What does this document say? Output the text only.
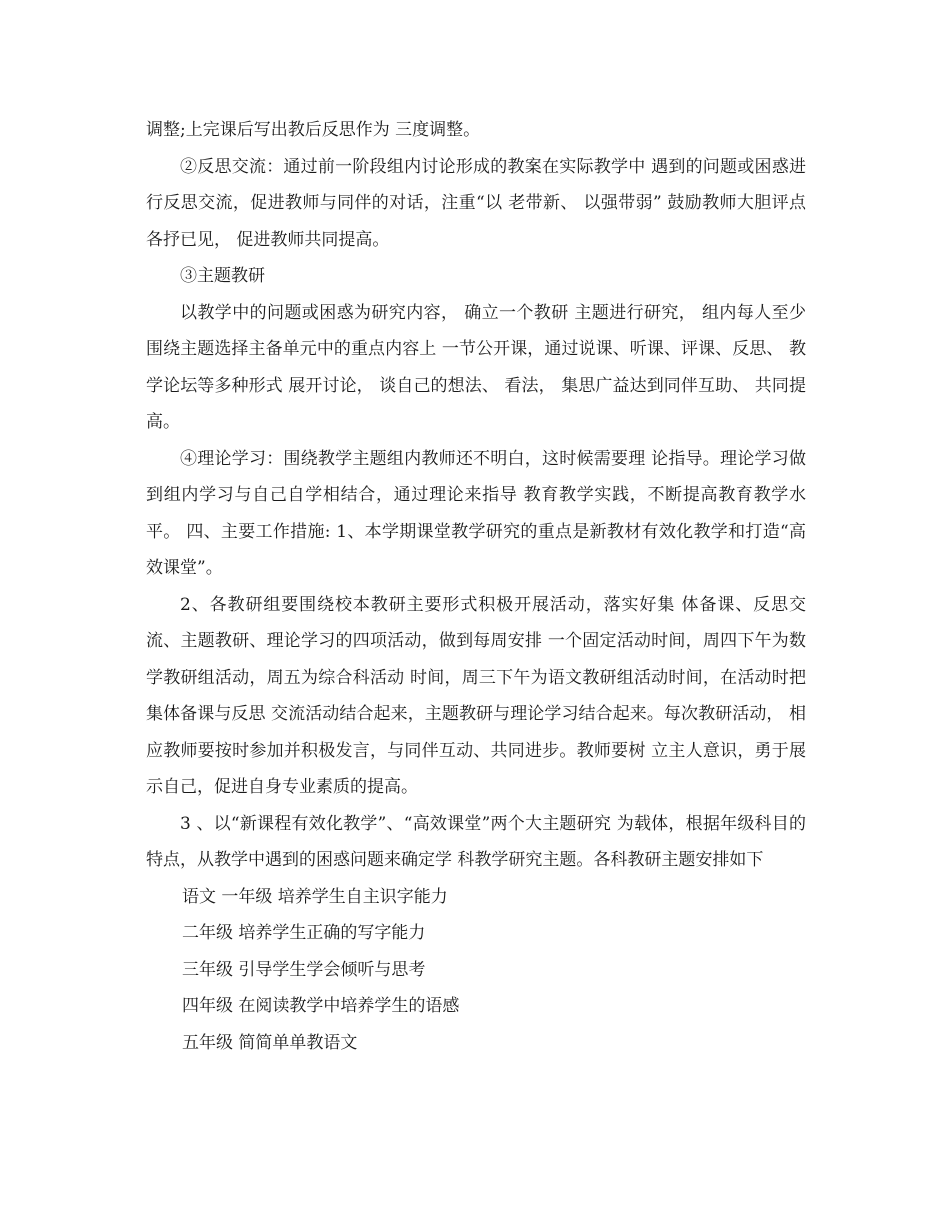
调整;上完课后写出教后反思作为 三度调整。

②反思交流：通过前一阶段组内讨论形成的教案在实际教学中 遇到的问题或困惑进行反思交流，促进教师与同伴的对话，注重“以 老带新、 以强带弱” 鼓励教师大胆评点各抒已见， 促进教师共同提高。

③主题教研

以教学中的问题或困惑为研究内容， 确立一个教研 主题进行研究， 组内每人至少围绕主题选择主备单元中的重点内容上 一节公开课，通过说课、听课、评课、反思、 教学论坛等多种形式 展开讨论， 谈自己的想法、 看法， 集思广益达到同伴互助、 共同提高。

④理论学习：围绕教学主题组内教师还不明白，这时候需要理 论指导。理论学习做到组内学习与自己自学相结合，通过理论来指导 教育教学实践，不断提高教育教学水平。 四、主要工作措施: 1、本学期课堂教学研究的重点是新教材有效化教学和打造“高 效课堂”。

2、各教研组要围绕校本教研主要形式积极开展活动，落实好集 体备课、反思交流、主题教研、理论学习的四项活动，做到每周安排 一个固定活动时间，周四下午为数学教研组活动，周五为综合科活动 时间，周三下午为语文教研组活动时间，在活动时把集体备课与反思 交流活动结合起来，主题教研与理论学习结合起来。每次教研活动， 相应教师要按时参加并积极发言，与同伴互动、共同进步。教师要树 立主人意识，勇于展示自己，促进自身专业素质的提高。

3 、以“新课程有效化教学”、“高效课堂”两个大主题研究 为载体，根据年级科目的特点，从教学中遇到的困惑问题来确定学 科教学研究主题。各科教研主题安排如下

语文 一年级 培养学生自主识字能力

二年级 培养学生正确的写字能力

三年级 引导学生学会倾听与思考

四年级 在阅读教学中培养学生的语感

五年级 简简单单教语文
